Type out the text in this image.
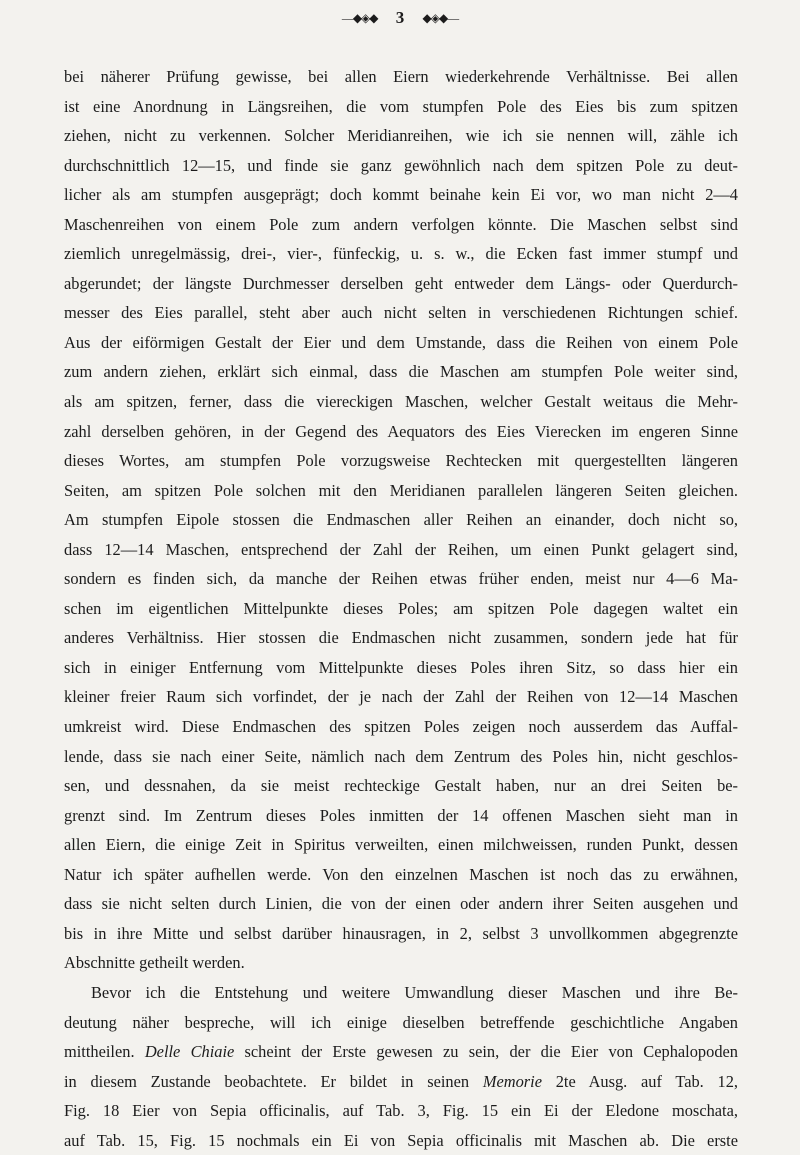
—◆◈◆ 3 ◆◈◆—
bei näherer Prüfung gewisse, bei allen Eiern wiederkehrende Verhältnisse. Bei allen
ist eine Anordnung in Längsreihen, die vom stumpfen Pole des Eies bis zum spitzen
ziehen, nicht zu verkennen. Solcher Meridianreihen, wie ich sie nennen will, zähle ich
durchschnittlich 12—15, und finde sie ganz gewöhnlich nach dem spitzen Pole zu deut-
licher als am stumpfen ausgeprägt; doch kommt beinahe kein Ei vor, wo man nicht 2—4
Maschenreihen von einem Pole zum andern verfolgen könnte. Die Maschen selbst sind
ziemlich unregelmässig, drei-, vier-, fünfeckig, u. s. w., die Ecken fast immer stumpf und
abgerundet; der längste Durchmesser derselben geht entweder dem Längs- oder Querdurch-
messer des Eies parallel, steht aber auch nicht selten in verschiedenen Richtungen schief.
Aus der eiförmigen Gestalt der Eier und dem Umstande, dass die Reihen von einem Pole
zum andern ziehen, erklärt sich einmal, dass die Maschen am stumpfen Pole weiter sind,
als am spitzen, ferner, dass die viereckigen Maschen, welcher Gestalt weitaus die Mehr-
zahl derselben gehören, in der Gegend des Aequators des Eies Vierecken im engeren Sinne
dieses Wortes, am stumpfen Pole vorzugsweise Rechtecken mit quergestellten längeren
Seiten, am spitzen Pole solchen mit den Meridianen parallelen längeren Seiten gleichen.
Am stumpfen Eipole stossen die Endmaschen aller Reihen an einander, doch nicht so,
dass 12—14 Maschen, entsprechend der Zahl der Reihen, um einen Punkt gelagert sind,
sondern es finden sich, da manche der Reihen etwas früher enden, meist nur 4—6 Ma-
schen im eigentlichen Mittelpunkte dieses Poles; am spitzen Pole dagegen waltet ein
anderes Verhältniss. Hier stossen die Endmaschen nicht zusammen, sondern jede hat für
sich in einiger Entfernung vom Mittelpunkte dieses Poles ihren Sitz, so dass hier ein
kleiner freier Raum sich vorfindet, der je nach der Zahl der Reihen von 12—14 Maschen
umkreist wird. Diese Endmaschen des spitzen Poles zeigen noch ausserdem das Auffal-
lende, dass sie nach einer Seite, nämlich nach dem Zentrum des Poles hin, nicht geschlos-
sen, und dessnahen, da sie meist rechteckige Gestalt haben, nur an drei Seiten be-
grenzt sind. Im Zentrum dieses Poles inmitten der 14 offenen Maschen sieht man in
allen Eiern, die einige Zeit in Spiritus verweilten, einen milchweissen, runden Punkt, dessen
Natur ich später aufhellen werde. Von den einzelnen Maschen ist noch das zu erwähnen,
dass sie nicht selten durch Linien, die von der einen oder andern ihrer Seiten ausgehen und
bis in ihre Mitte und selbst darüber hinausragen, in 2, selbst 3 unvollkommen abgegrenzte
Abschnitte getheilt werden.
Bevor ich die Entstehung und weitere Umwandlung dieser Maschen und ihre Be-
deutung näher bespreche, will ich einige dieselben betreffende geschichtliche Angaben
mittheilen. Delle Chiaie scheint der Erste gewesen zu sein, der die Eier von Cephalopoden
in diesem Zustande beobachtete. Er bildet in seinen Memorie 2te Ausg. auf Tab. 12,
Fig. 18 Eier von Sepia officinalis, auf Tab. 3, Fig. 15 ein Ei der Eledone moschata,
auf Tab. 15, Fig. 15 nochmals ein Ei von Sepia officinalis mit Maschen ab. Die erste
